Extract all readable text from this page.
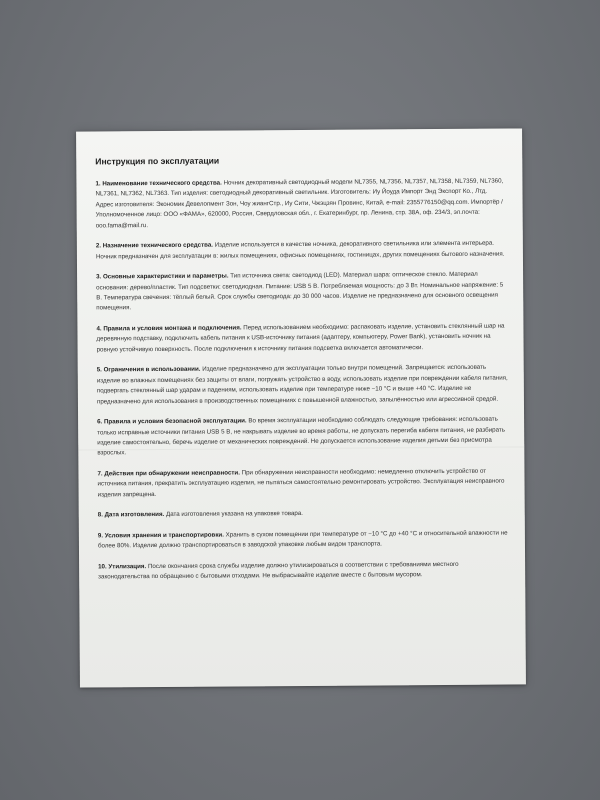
Инструкция по эксплуатации
1. Наименование технического средства. Ночник декоративный светодиодный модели NL7355, NL7356, NL7357, NL7358, NL7359, NL7360, NL7361, NL7362, NL7363. Тип изделия: светодиодный декоративный светильник. Изготовитель: Иу Йоуда Импорт Энд Экспорт Ко., Лтд. Адрес изготовителя: Экономик Девелопмент Зон, Чоу жиангСтр., Иу Сити, Чжэцзян Провинс, Китай, e-mail: 2355776150@qq.com. Импортёр / Уполномоченное лицо: ООО «ФАМА», 620000, Россия, Свердловская обл., г. Екатеринбург, пр. Ленина, стр. 38А, оф. 234/3, эл.почта: ooo.fama@mail.ru.
2. Назначение технического средства. Изделие используется в качестве ночника, декоративного светильника или элемента интерьера. Ночник предназначен для эксплуатации в: жилых помещениях, офисных помещениях, гостиницах, других помещениях бытового назначения.
3. Основные характеристики и параметры. Тип источника света: светодиод (LED). Материал шара: оптическое стекло. Материал основания: дерево/пластик. Тип подсветки: светодиодная. Питание: USB 5 В. Потребляемая мощность: до 3 Вт. Номинальное напряжение: 5 В. Температура свечения: тёплый белый. Срок службы светодиода: до 30 000 часов. Изделие не предназначено для основного освещения помещения.
4. Правила и условия монтажа и подключения. Перед использованием необходимо: распаковать изделие, установить стеклянный шар на деревянную подставку, подключить кабель питания к USB-источнику питания (адаптеру, компьютеру, Power Bank), установить ночник на ровную устойчивую поверхность. После подключения к источнику питания подсветка включается автоматически.
5. Ограничения в использовании. Изделие предназначено для эксплуатации только внутри помещений. Запрещается: использовать изделие во влажных помещениях без защиты от влаги, погружать устройство в воду, использовать изделие при повреждении кабеля питания, подвергать стеклянный шар ударам и падениям, использовать изделие при температуре ниже −10 °C и выше +40 °C. Изделие не предназначено для использования в производственных помещениях с повышенной влажностью, запылённостью или агрессивной средой.
6. Правила и условия безопасной эксплуатации. Во время эксплуатации необходимо соблюдать следующие требования: использовать только исправные источники питания USB 5 В, не накрывать изделие во время работы, не допускать перегиба кабеля питания, не разбирать изделие самостоятельно, беречь изделие от механических повреждений. Не допускается использование изделия детьми без присмотра взрослых.
7. Действия при обнаружении неисправности. При обнаружении неисправности необходимо: немедленно отключить устройство от источника питания, прекратить эксплуатацию изделия, не пытаться самостоятельно ремонтировать устройство. Эксплуатация неисправного изделия запрещена.
8. Дата изготовления. Дата изготовления указана на упаковке товара.
9. Условия хранения и транспортировки. Хранить в сухом помещении при температуре от −10 °C до +40 °C и относительной влажности не более 80%. Изделие должно транспортироваться в заводской упаковке любым видом транспорта.
10. Утилизация. После окончания срока службы изделие должно утилизироваться в соответствии с требованиями местного законодательства по обращению с бытовыми отходами. Не выбрасывайте изделие вместе с бытовым мусором.
